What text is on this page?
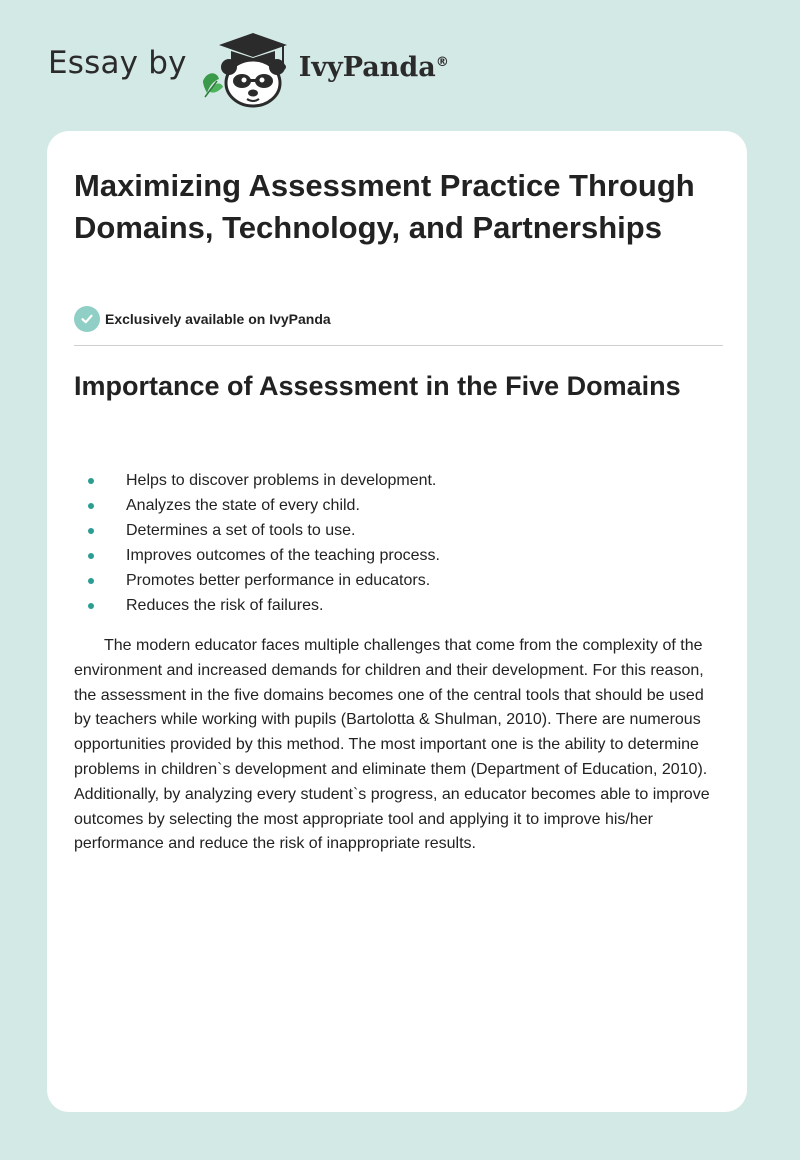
Essay by	IvyPanda®
Maximizing Assessment Practice Through Domains, Technology, and Partnerships
Exclusively available on IvyPanda
Importance of Assessment in the Five Domains
Helps to discover problems in development.
Analyzes the state of every child.
Determines a set of tools to use.
Improves outcomes of the teaching process.
Promotes better performance in educators.
Reduces the risk of failures.

The modern educator faces multiple challenges that come from the complexity of the environment and increased demands for children and their development. For this reason, the assessment in the five domains becomes one of the central tools that should be used by teachers while working with pupils (Bartolotta & Shulman, 2010). There are numerous opportunities provided by this method. The most important one is the ability to determine problems in children`s development and eliminate them (Department of Education, 2010). Additionally, by analyzing every student`s progress, an educator becomes able to improve outcomes by selecting the most appropriate tool and applying it to improve his/her performance and reduce the risk of inappropriate results.
